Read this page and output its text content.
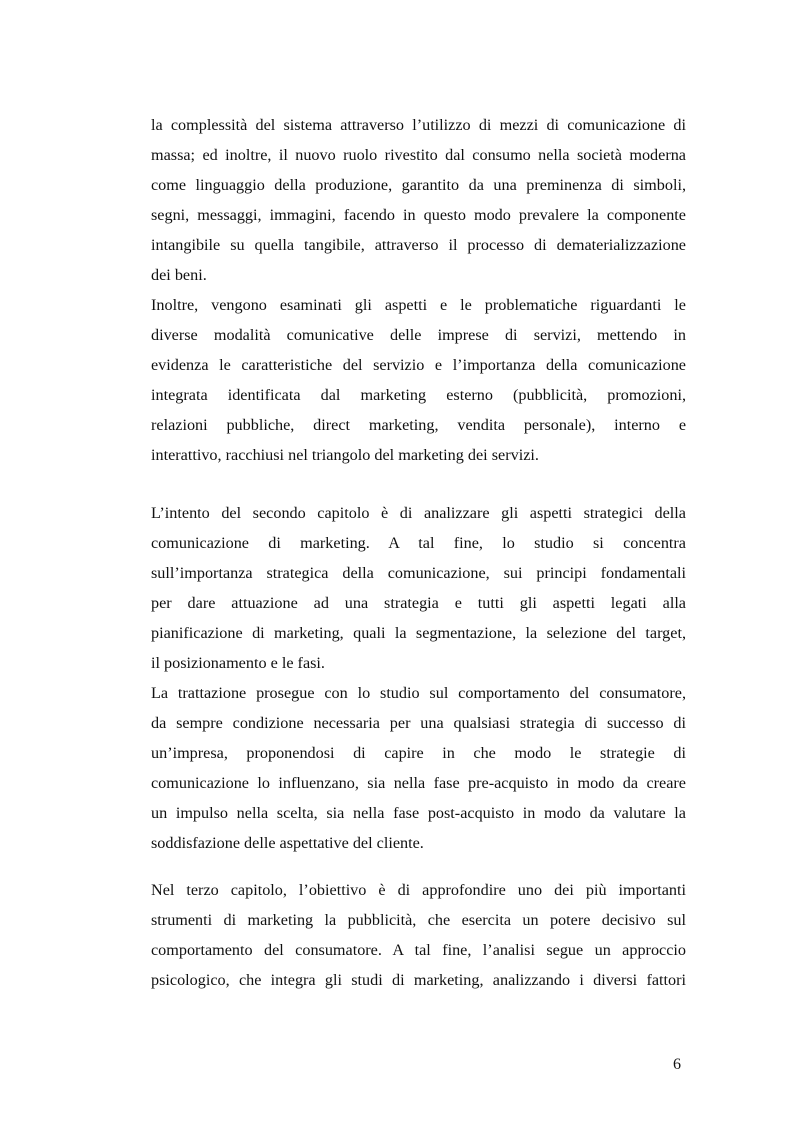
la complessità del sistema attraverso l’utilizzo di mezzi di comunicazione di
massa; ed inoltre, il nuovo ruolo rivestito dal consumo nella società moderna
come linguaggio della produzione, garantito da una preminenza di simboli,
segni, messaggi, immagini, facendo in questo modo prevalere la componente
intangibile su quella tangibile, attraverso il processo di dematerializzazione
dei beni.

Inoltre, vengono esaminati gli aspetti e le problematiche riguardanti le
diverse modalità comunicative delle imprese di servizi, mettendo in
evidenza le caratteristiche del servizio e l’importanza della comunicazione
integrata identificata dal marketing esterno (pubblicità, promozioni,
relazioni pubbliche, direct marketing, vendita personale), interno e
interattivo, racchiusi nel triangolo del marketing dei servizi.

L’intento del secondo capitolo è di analizzare gli aspetti strategici della
comunicazione di marketing. A tal fine, lo studio si concentra
sull’importanza strategica della comunicazione, sui principi fondamentali
per dare attuazione ad una strategia e tutti gli aspetti legati alla
pianificazione di marketing, quali la segmentazione, la selezione del target,
il posizionamento e le fasi.

La trattazione prosegue con lo studio sul comportamento del consumatore,
da sempre condizione necessaria per una qualsiasi strategia di successo di
un’impresa, proponendosi di capire in che modo le strategie di
comunicazione lo influenzano, sia nella fase pre-acquisto in modo da creare
un impulso nella scelta, sia nella fase post-acquisto in modo da valutare la
soddisfazione delle aspettative del cliente.

Nel terzo capitolo, l’obiettivo è di approfondire uno dei più importanti
strumenti di marketing la pubblicità, che esercita un potere decisivo sul
comportamento del consumatore. A tal fine, l’analisi segue un approccio
psicologico, che integra gli studi di marketing, analizzando i diversi fattori

6
